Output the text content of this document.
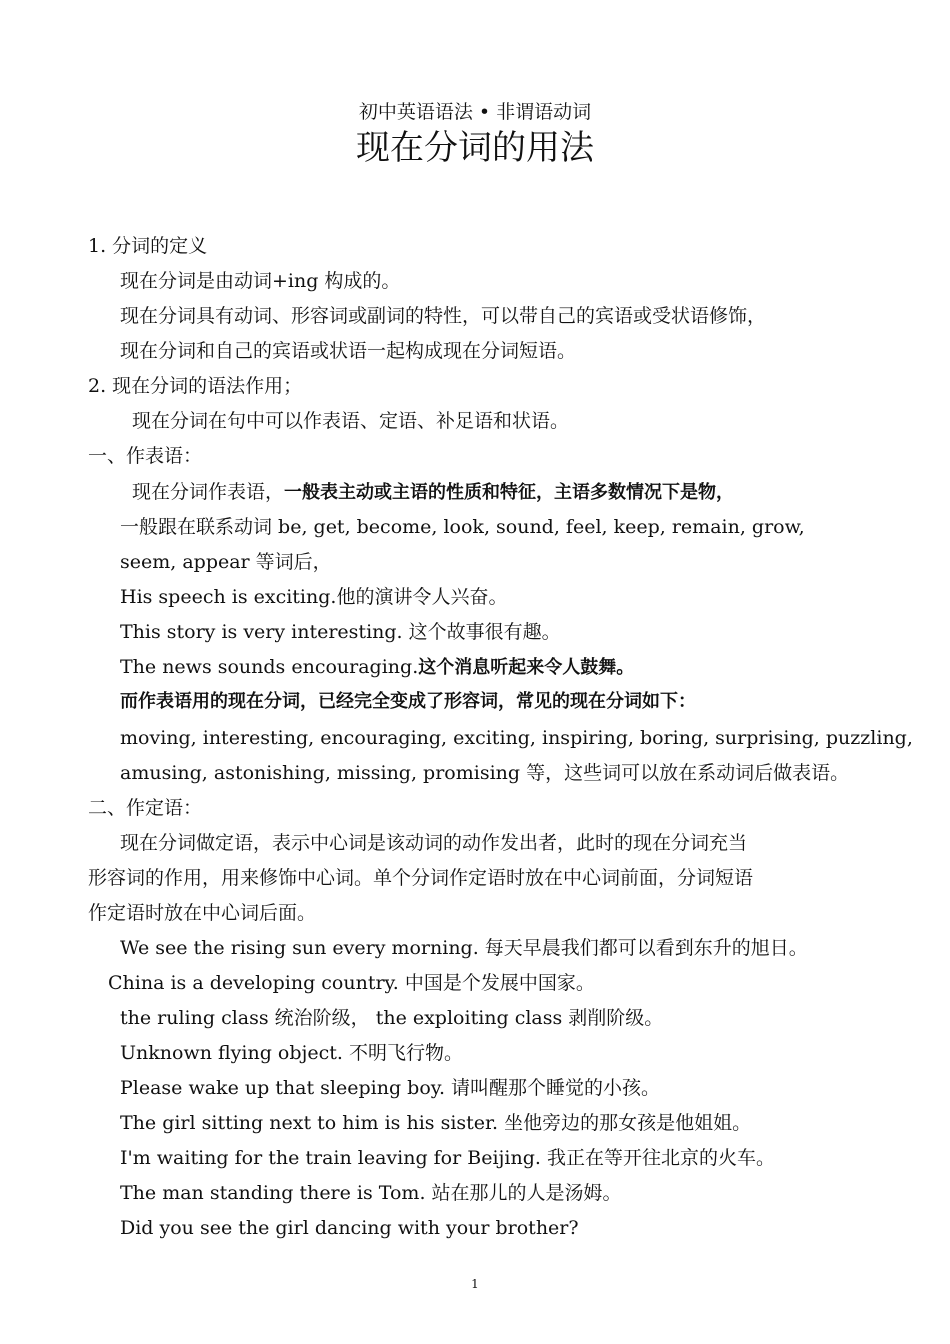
初中英语语法 • 非谓语动词
现在分词的用法
1. 分词的定义
现在分词是由动词+ing 构成的。
现在分词具有动词、形容词或副词的特性，可以带自己的宾语或受状语修饰，
现在分词和自己的宾语或状语一起构成现在分词短语。
2. 现在分词的语法作用；
现在分词在句中可以作表语、定语、补足语和状语。
一、作表语：
现在分词作表语，一般表主动或主语的性质和特征，主语多数情况下是物，
一般跟在联系动词 be, get, become, look, sound, feel, keep, remain, grow,
seem, appear 等词后，
His speech is exciting.他的演讲令人兴奋。
This story is very interesting. 这个故事很有趣。
The news sounds encouraging.这个消息听起来令人鼓舞。
而作表语用的现在分词，已经完全变成了形容词，常见的现在分词如下：
moving, interesting, encouraging, exciting, inspiring, boring, surprising, puzzling,
amusing, astonishing, missing, promising 等，这些词可以放在系动词后做表语。
二、作定语：
现在分词做定语，表示中心词是该动词的动作发出者，此时的现在分词充当
形容词的作用，用来修饰中心词。单个分词作定语时放在中心词前面，分词短语
作定语时放在中心词后面。
We see the rising sun every morning. 每天早晨我们都可以看到东升的旭日。
China is a developing country. 中国是个发展中国家。
the ruling class 统治阶级， the exploiting class 剥削阶级。
Unknown flying object. 不明飞行物。
Please wake up that sleeping boy. 请叫醒那个睡觉的小孩。
The girl sitting next to him is his sister. 坐他旁边的那女孩是他姐姐。
I'm waiting for the train leaving for Beijing. 我正在等开往北京的火车。
The man standing there is Tom. 站在那儿的人是汤姆。
Did you see the girl dancing with your brother?
1
